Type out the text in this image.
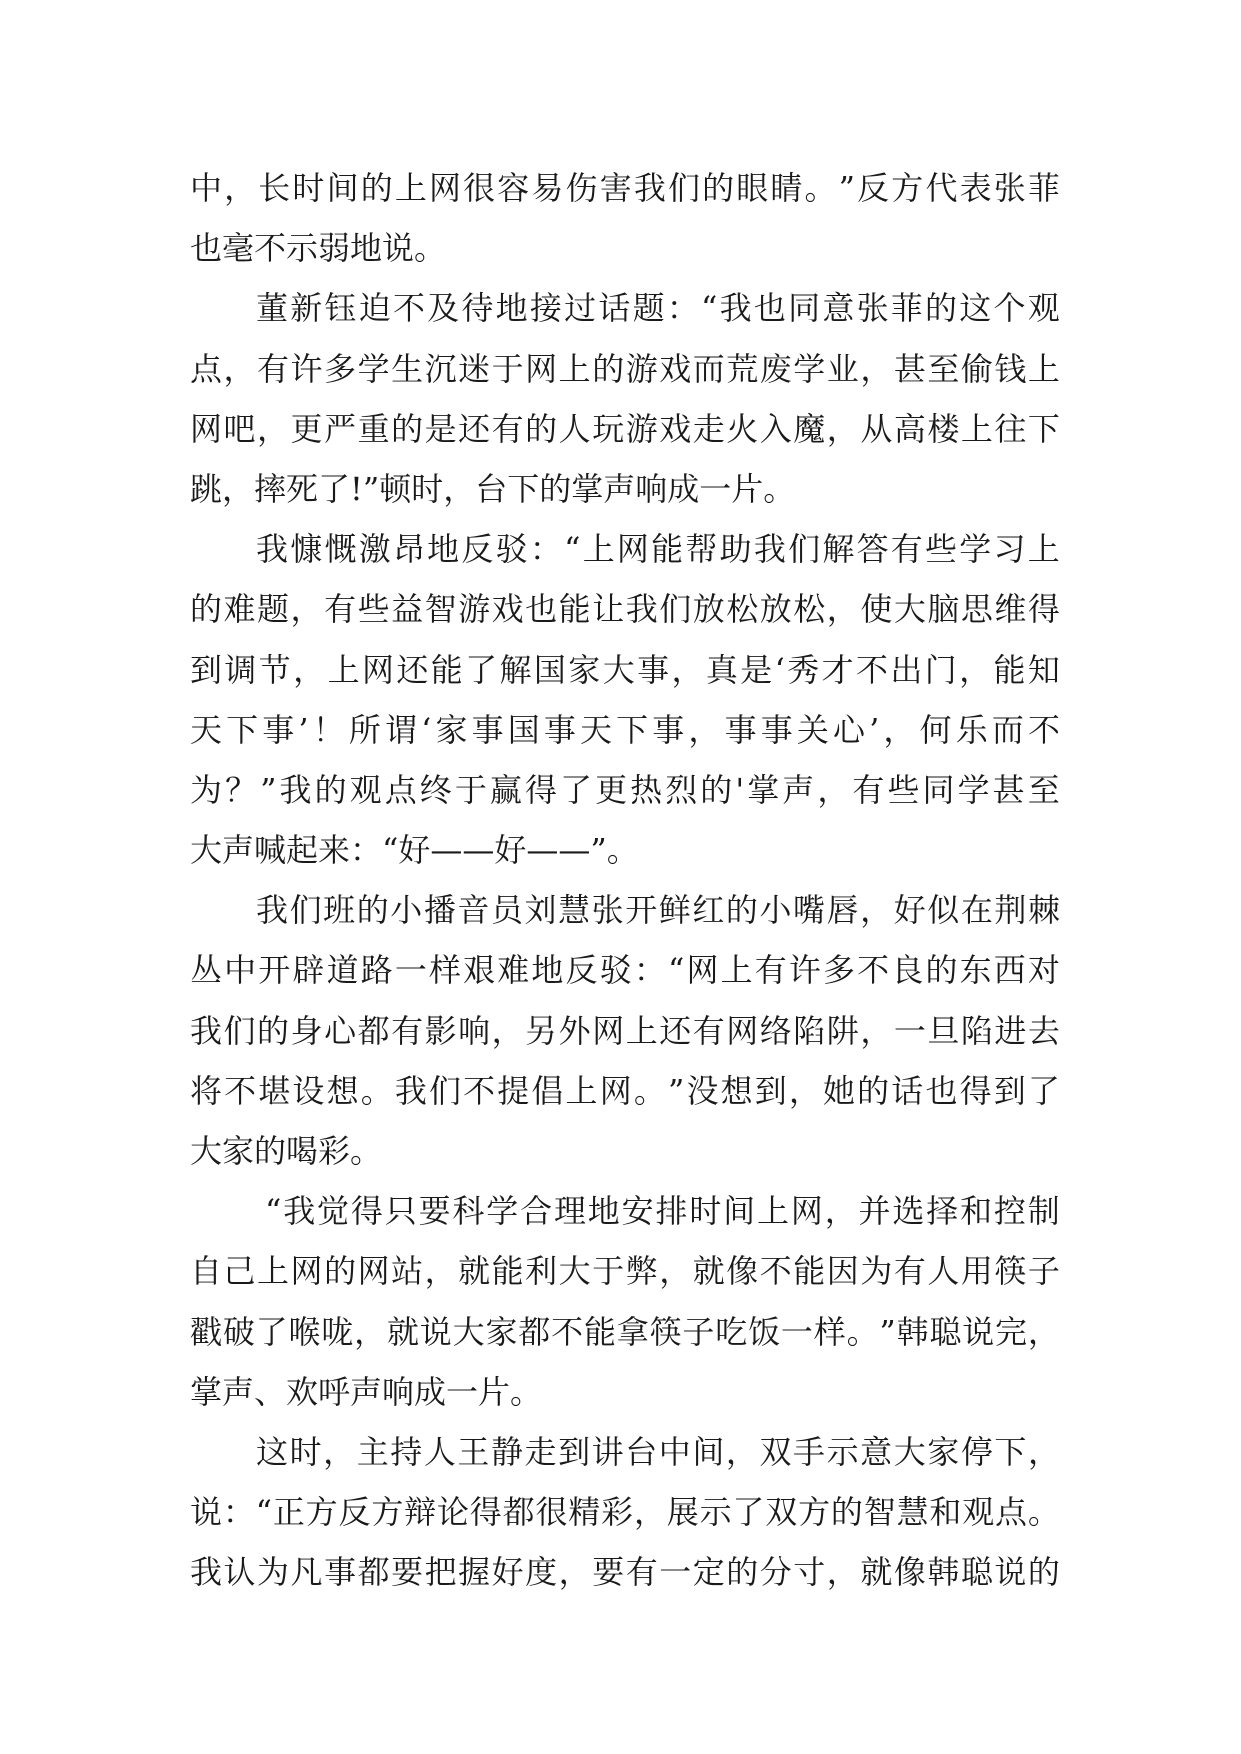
中 ， 长 时 间 的 上 网 很 容 易 伤 害 我 们 的 眼 睛 。 ” 反 方 代 表 张 菲
也毫不示弱地说。
董 新 钰 迫 不 及 待 地 接 过 话 题 ： “ 我 也 同 意 张 菲 的 这 个 观
点 ， 有 许 多 学 生 沉 迷 于 网 上 的 游 戏 而 荒 废 学 业 ， 甚 至 偷 钱 上
网 吧 ， 更 严 重 的 是 还 有 的 人 玩 游 戏 走 火 入 魔 ， 从 高 楼 上 往 下
跳，摔死了!”顿时，台下的掌声响成一片。
我 慷 慨 激 昂 地 反 驳 ： “ 上 网 能 帮 助 我 们 解 答 有 些 学 习 上
的 难 题 ， 有 些 益 智 游 戏 也 能 让 我 们 放 松 放 松 ， 使 大 脑 思 维 得
到 调 节 ， 上 网 还 能 了 解 国 家 大 事 ， 真 是 ‘ 秀 才 不 出 门 ， 能 知
天 下 事 ’ ！ 所 谓 ‘ 家 事 国 事 天 下 事 ， 事 事 关 心 ’ ， 何 乐 而 不
为 ？ ” 我 的 观 点 终 于 赢 得 了 更 热 烈 的 ' 掌 声 ， 有 些 同 学 甚 至
大声喊起来：“好——好——”。
我 们 班 的 小 播 音 员 刘 慧 张 开 鲜 红 的 小 嘴 唇 ， 好 似 在 荆 棘
丛 中 开 辟 道 路 一 样 艰 难 地 反 驳 ： “ 网 上 有 许 多 不 良 的 东 西 对
我 们 的 身 心 都 有 影 响 ， 另 外 网 上 还 有 网 络 陷 阱 ， 一 旦 陷 进 去
将 不 堪 设 想 。 我 们 不 提 倡 上 网 。 ” 没 想 到 ， 她 的 话 也 得 到 了
大家的喝彩。
“ 我 觉 得 只 要 科 学 合 理 地 安 排 时 间 上 网 ， 并 选 择 和 控 制
自 己 上 网 的 网 站 ， 就 能 利 大 于 弊 ， 就 像 不 能 因 为 有 人 用 筷 子
戳 破 了 喉 咙 ， 就 说 大 家 都 不 能 拿 筷 子 吃 饭 一 样 。 ” 韩 聪 说 完 ，
掌声、欢呼声响成一片。
这 时 ， 主 持 人 王 静 走 到 讲 台 中 间 ， 双 手 示 意 大 家 停 下 ，
说 ： “ 正 方 反 方 辩 论 得 都 很 精 彩 ， 展 示 了 双 方 的 智 慧 和 观 点 。
我 认 为 凡 事 都 要 把 握 好 度 ， 要 有 一 定 的 分 寸 ， 就 像 韩 聪 说 的
